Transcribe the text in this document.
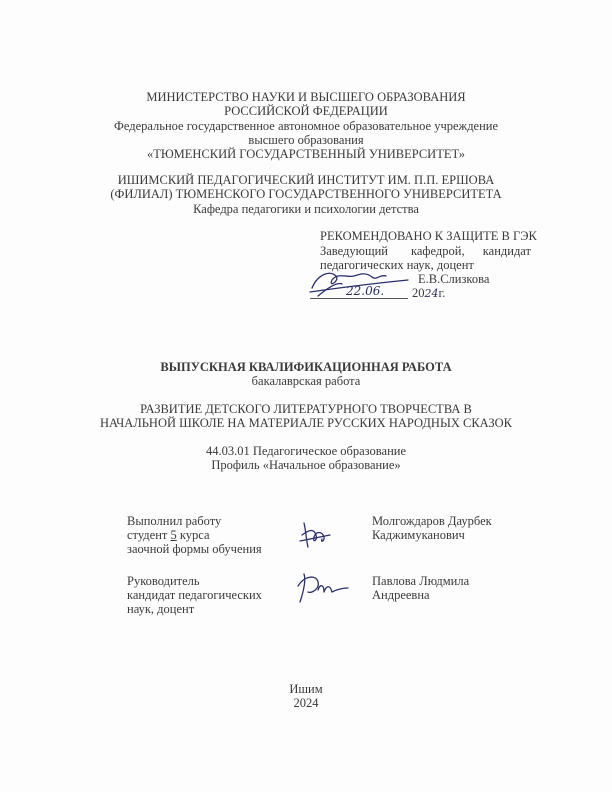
МИНИСТЕРСТВО НАУКИ И ВЫСШЕГО ОБРАЗОВАНИЯ
РОССИЙСКОЙ ФЕДЕРАЦИИ
Федеральное государственное автономное образовательное учреждение
высшего образования
«ТЮМЕНСКИЙ ГОСУДАРСТВЕННЫЙ УНИВЕРСИТЕТ»
ИШИМСКИЙ ПЕДАГОГИЧЕСКИЙ ИНСТИТУТ ИМ. П.П. ЕРШОВА
(ФИЛИАЛ) ТЮМЕНСКОГО ГОСУДАРСТВЕННОГО УНИВЕРСИТЕТА
Кафедра педагогики и психологии детства
РЕКОМЕНДОВАНО К ЗАЩИТЕ В ГЭК
Заведующий кафедрой, кандидат
педагогических наук, доцент
Е.В.Слизкова
22.06. 2024г.
ВЫПУСКНАЯ КВАЛИФИКАЦИОННАЯ РАБОТА
бакалаврская работа
РАЗВИТИЕ ДЕТСКОГО ЛИТЕРАТУРНОГО ТВОРЧЕСТВА В
НАЧАЛЬНОЙ ШКОЛЕ НА МАТЕРИАЛЕ РУССКИХ НАРОДНЫХ СКАЗОК
44.03.01 Педагогическое образование
Профиль «Начальное образование»
Выполнил работу
студент 5 курса
заочной формы обучения
Молгождаров Даурбек
Каджимуканович
Руководитель
кандидат педагогических
наук, доцент
Павлова Людмила
Андреевна
Ишим
2024
